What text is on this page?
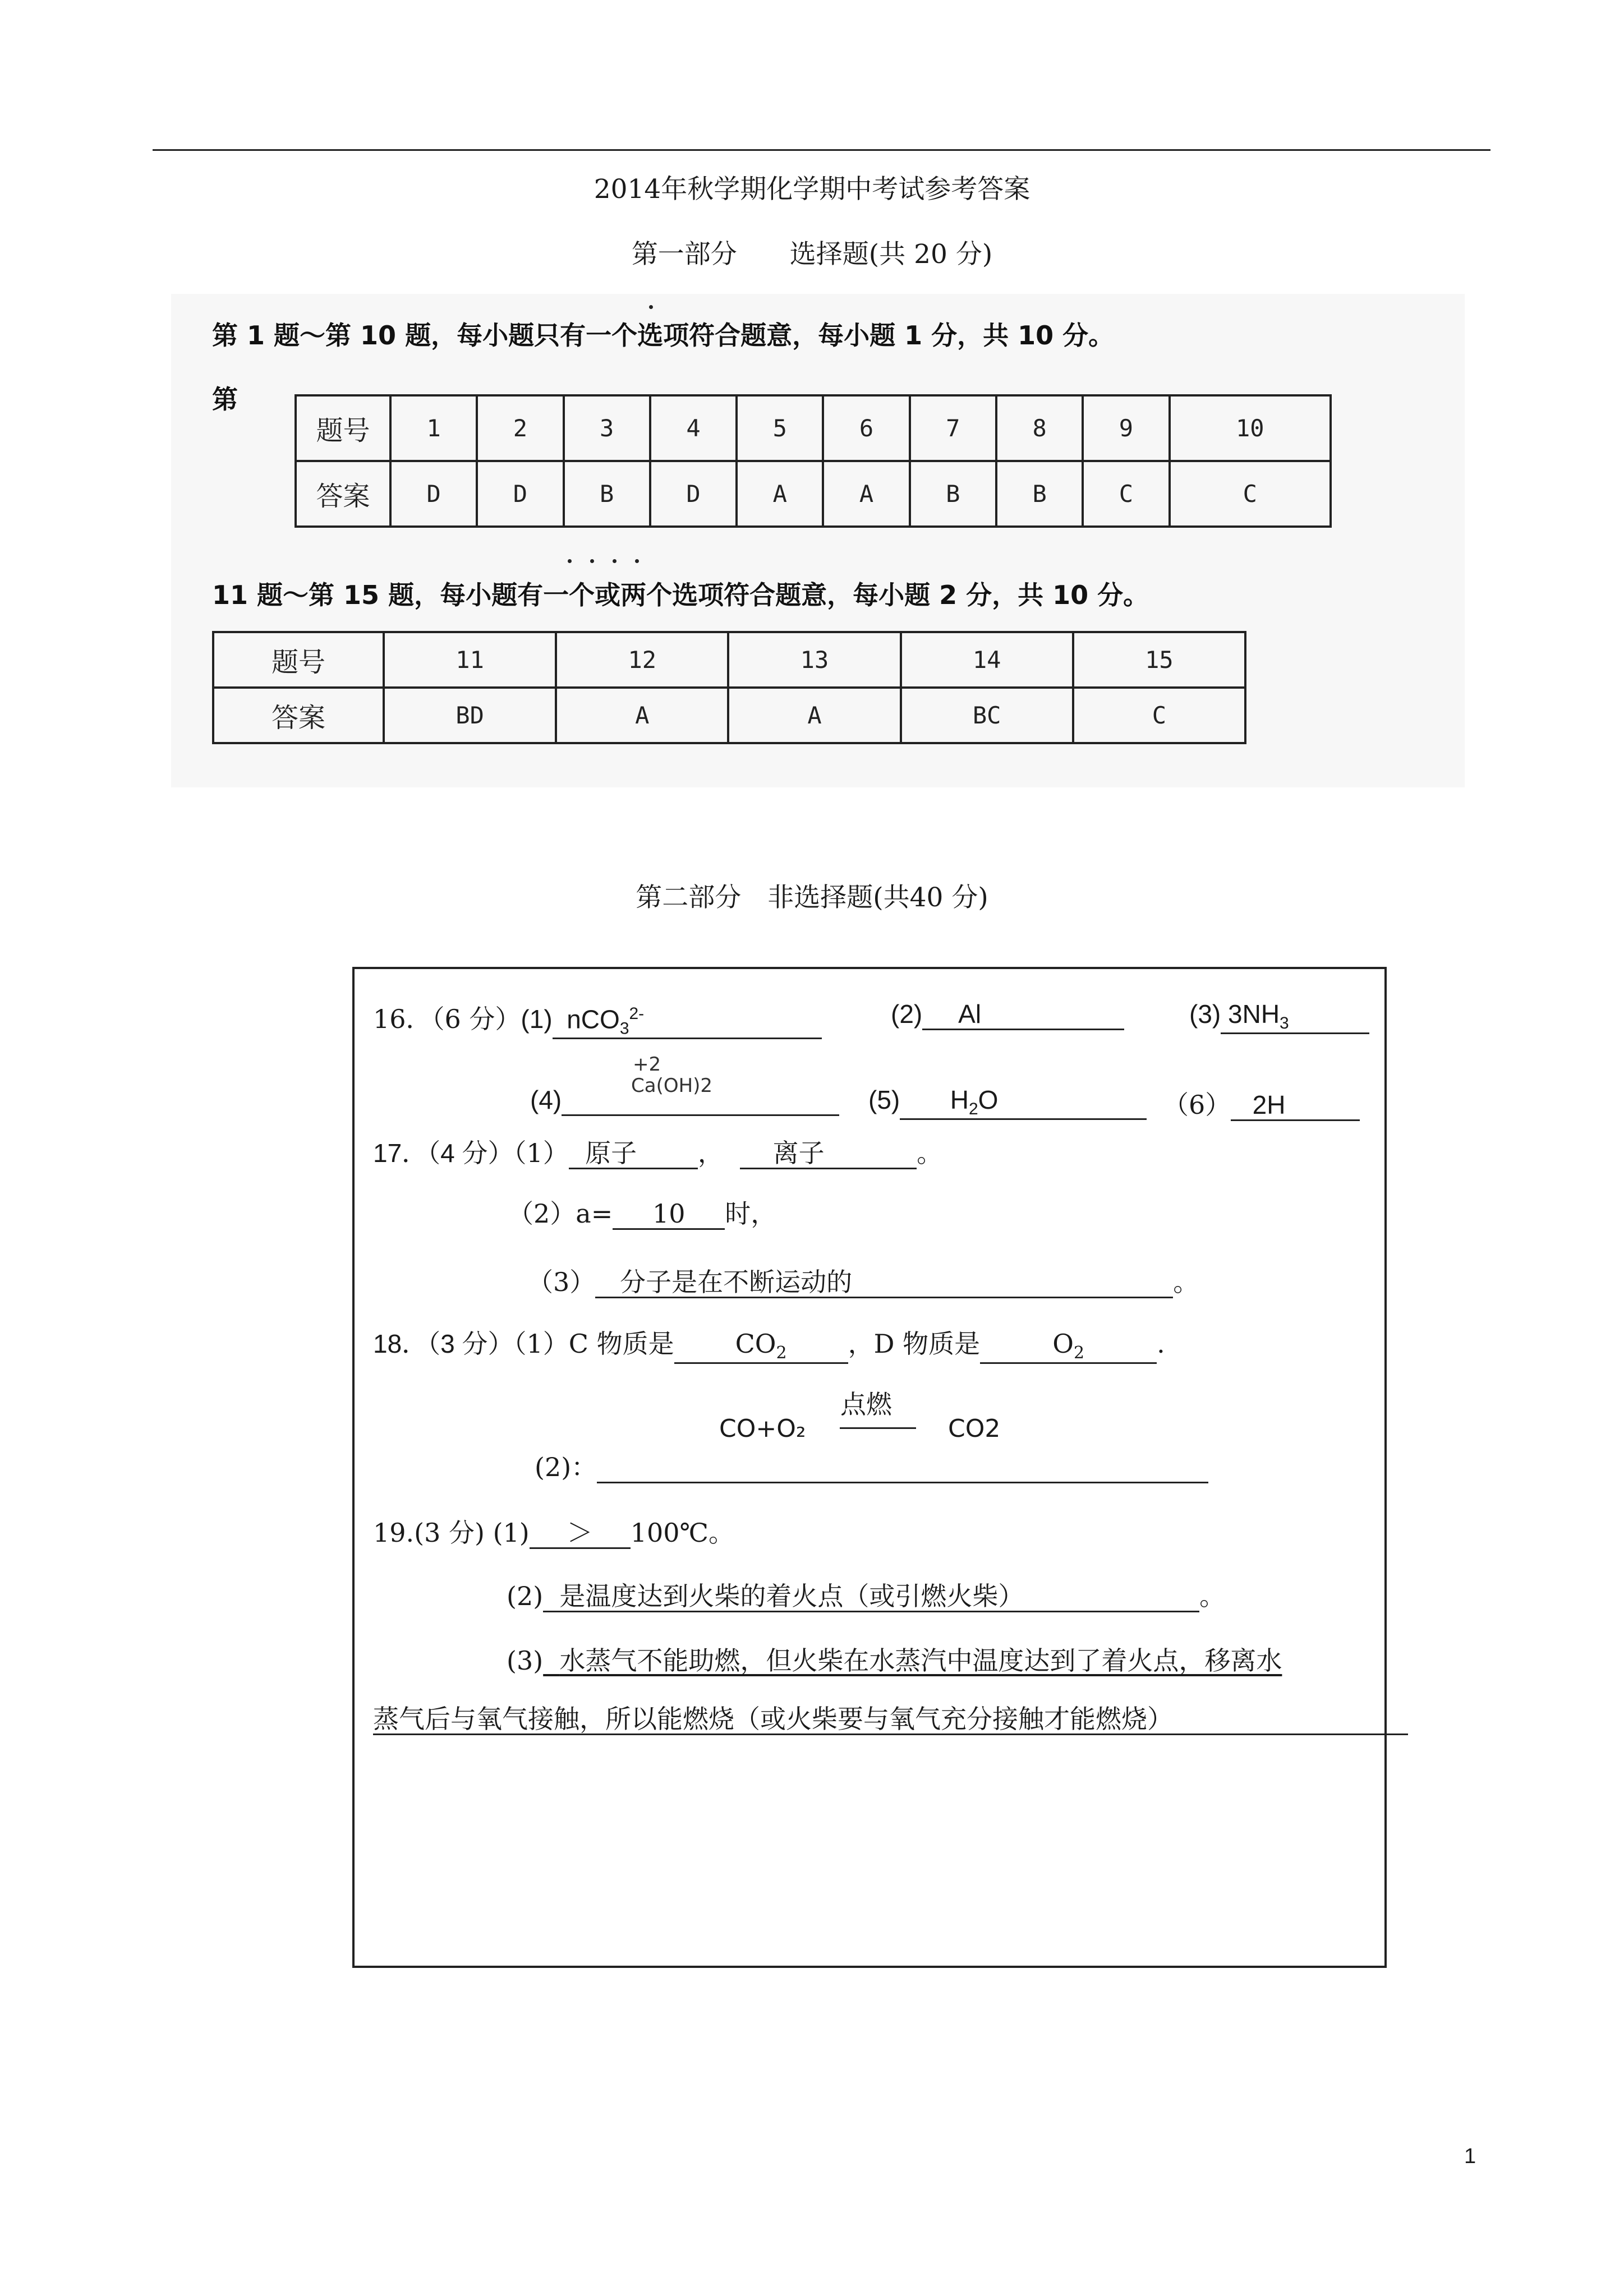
2014年秋学期化学期中考试参考答案
第一部分　　选择题(共 20 分)
第 1 题～第 10 题，每小题只有一个选项符合题意，每小题 1 分，共 10 分。
第
题号	1	2	3	4	5	6	7	8	9	10
答案	D	D	B	D	A	A	B	B	C	C
11 题～第 15 题，每小题有一个或两个选项符合题意，每小题 2 分，共 10 分。
题号	11	12	13	14	15
答案	BD	A	A	BC	C
第二部分　非选择题(共40 分)
16．（6 分）(1) nCO$_3^{2-}$	(2) Al	(3) $3NH_3$
+2
Ca(OH)2
(4)	(5) $H_2O$	（6） 2H
17．（4 分）（1） 原子 ， 离子	。
（2）a= 10 时，
（3） 分子是在不断运动的	。
18．（3 分）（1）C 物质是 $CO_2$ ，D 物质是	$O_2$	.
点燃
CO+O₂	CO2
(2)：
19.(3 分) (1) ＞ 100℃。
(2) 是温度达到火柴的着火点（或引燃火柴）	。
(3) 水蒸气不能助燃，但火柴在水蒸汽中温度达到了着火点，移离水
蒸气后与氧气接触，所以能燃烧（或火柴要与氧气充分接触才能燃烧）
1
